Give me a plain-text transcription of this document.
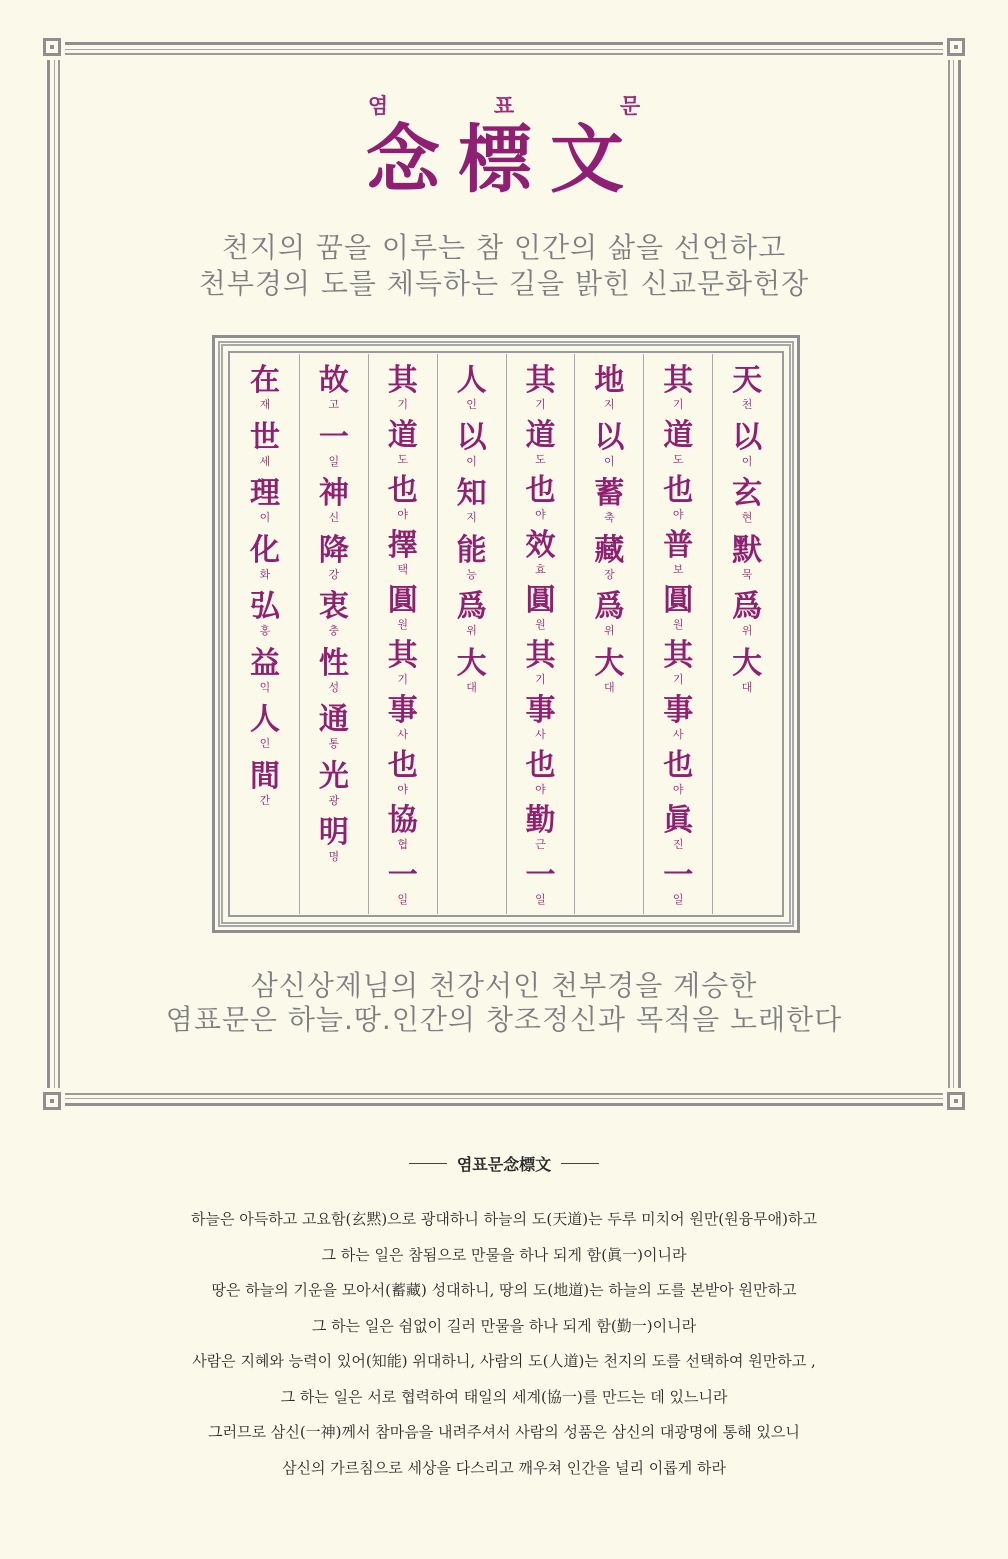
염	표	문
念標文
천지의 꿈을 이루는 참 인간의 삶을 선언하고
천부경의 도를 체득하는 길을 밝힌 신교문화헌장
天
천
以
이
玄
현
默
묵
爲
위
大
대
其
기
道
도
也
야
普
보
圓
원
其
기
事
사
也
야
眞
진
一
일
地
지
以
이
蓄
축
藏
장
爲
위
大
대
其
기
道
도
也
야
效
효
圓
원
其
기
事
사
也
야
勤
근
一
일
人
인
以
이
知
지
能
능
爲
위
大
대
其
기
道
도
也
야
擇
택
圓
원
其
기
事
사
也
야
協
협
一
일
故
고
一
일
神
신
降
강
衷
충
性
성
通
통
光
광
明
명
在
재
世
세
理
이
化
화
弘
홍
益
익
人
인
間
간
삼신상제님의 천강서인 천부경을 계승한
염표문은 하늘.땅.인간의 창조정신과 목적을 노래한다
염표문念標文
하늘은 아득하고 고요함(玄黙)으로 광대하니 하늘의 도(天道)는 두루 미치어 원만(원융무애)하고
그 하는 일은 참됨으로 만물을 하나 되게 함(眞一)이니라
땅은 하늘의 기운을 모아서(蓄藏) 성대하니, 땅의 도(地道)는 하늘의 도를 본받아 원만하고
그 하는 일은 쉼없이 길러 만물을 하나 되게 함(勤一)이니라
사람은 지혜와 능력이 있어(知能) 위대하니, 사람의 도(人道)는 천지의 도를 선택하여 원만하고 ,
그 하는 일은 서로 협력하여 태일의 세계(協一)를 만드는 데 있느니라
그러므로 삼신(一神)께서 참마음을 내려주셔서 사람의 성품은 삼신의 대광명에 통해 있으니
삼신의 가르침으로 세상을 다스리고 깨우쳐 인간을 널리 이롭게 하라
